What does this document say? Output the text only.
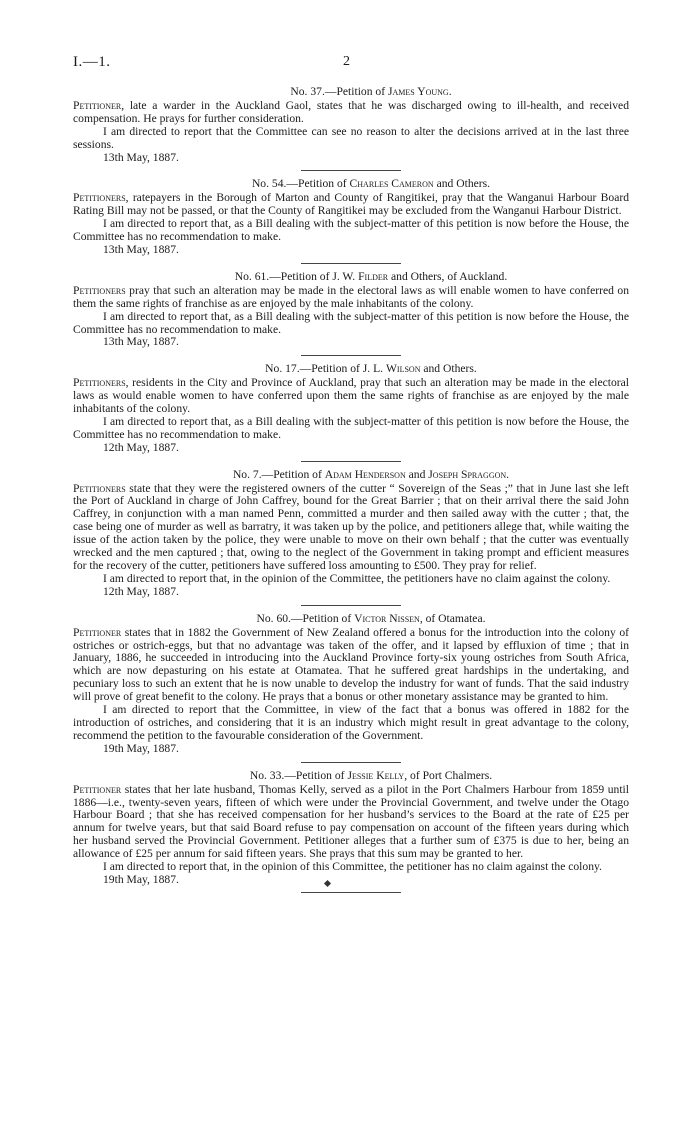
I.—1.	2

No. 37.—Petition of James Young.

Petitioner, late a warder in the Auckland Gaol, states that he was discharged owing to ill-health, and received compensation. He prays for further consideration.

I am directed to report that the Committee can see no reason to alter the decisions arrived at in the last three sessions.

13th May, 1887.

No. 54.—Petition of Charles Cameron and Others.

Petitioners, ratepayers in the Borough of Marton and County of Rangitikei, pray that the Wanganui Harbour Board Rating Bill may not be passed, or that the County of Rangitikei may be excluded from the Wanganui Harbour District.

I am directed to report that, as a Bill dealing with the subject-matter of this petition is now before the House, the Committee has no recommendation to make.

13th May, 1887.

No. 61.—Petition of J. W. Filder and Others, of Auckland.

Petitioners pray that such an alteration may be made in the electoral laws as will enable women to have conferred on them the same rights of franchise as are enjoyed by the male inhabitants of the colony.

I am directed to report that, as a Bill dealing with the subject-matter of this petition is now before the House, the Committee has no recommendation to make.

13th May, 1887.

No. 17.—Petition of J. L. Wilson and Others.

Petitioners, residents in the City and Province of Auckland, pray that such an alteration may be made in the electoral laws as would enable women to have conferred upon them the same rights of franchise as are enjoyed by the male inhabitants of the colony.

I am directed to report that, as a Bill dealing with the subject-matter of this petition is now before the House, the Committee has no recommendation to make.

12th May, 1887.

No. 7.—Petition of Adam Henderson and Joseph Spraggon.

Petitioners state that they were the registered owners of the cutter “ Sovereign of the Seas ;” that in June last she left the Port of Auckland in charge of John Caffrey, bound for the Great Barrier ; that on their arrival there the said John Caffrey, in conjunction with a man named Penn, committed a murder and then sailed away with the cutter ; that, the case being one of murder as well as barratry, it was taken up by the police, and petitioners allege that, while waiting the issue of the action taken by the police, they were unable to move on their own behalf ; that the cutter was eventually wrecked and the men captured ; that, owing to the neglect of the Government in taking prompt and efficient measures for the recovery of the cutter, petitioners have suffered loss amounting to £500. They pray for relief.

I am directed to report that, in the opinion of the Committee, the petitioners have no claim against the colony.

12th May, 1887.

No. 60.—Petition of Victor Nissen, of Otamatea.

Petitioner states that in 1882 the Government of New Zealand offered a bonus for the introduction into the colony of ostriches or ostrich-eggs, but that no advantage was taken of the offer, and it lapsed by effluxion of time ; that in January, 1886, he succeeded in introducing into the Auckland Province forty-six young ostriches from South Africa, which are now depasturing on his estate at Otamatea. That he suffered great hardships in the undertaking, and pecuniary loss to such an extent that he is now unable to develop the industry for want of funds. That the said industry will prove of great benefit to the colony. He prays that a bonus or other monetary assistance may be granted to him.

I am directed to report that the Committee, in view of the fact that a bonus was offered in 1882 for the introduction of ostriches, and considering that it is an industry which might result in great advantage to the colony, recommend the petition to the favourable consideration of the Government.

19th May, 1887.

No. 33.—Petition of Jessie Kelly, of Port Chalmers.

Petitioner states that her late husband, Thomas Kelly, served as a pilot in the Port Chalmers Harbour from 1859 until 1886—i.e., twenty-seven years, fifteen of which were under the Provincial Government, and twelve under the Otago Harbour Board ; that she has received compensation for her husband’s services to the Board at the rate of £25 per annum for twelve years, but that said Board refuse to pay compensation on account of the fifteen years during which her husband served the Provincial Government. Petitioner alleges that a further sum of £375 is due to her, being an allowance of £25 per annum for said fifteen years. She prays that this sum may be granted to her.

I am directed to report that, in the opinion of this Committee, the petitioner has no claim against the colony.

19th May, 1887.
